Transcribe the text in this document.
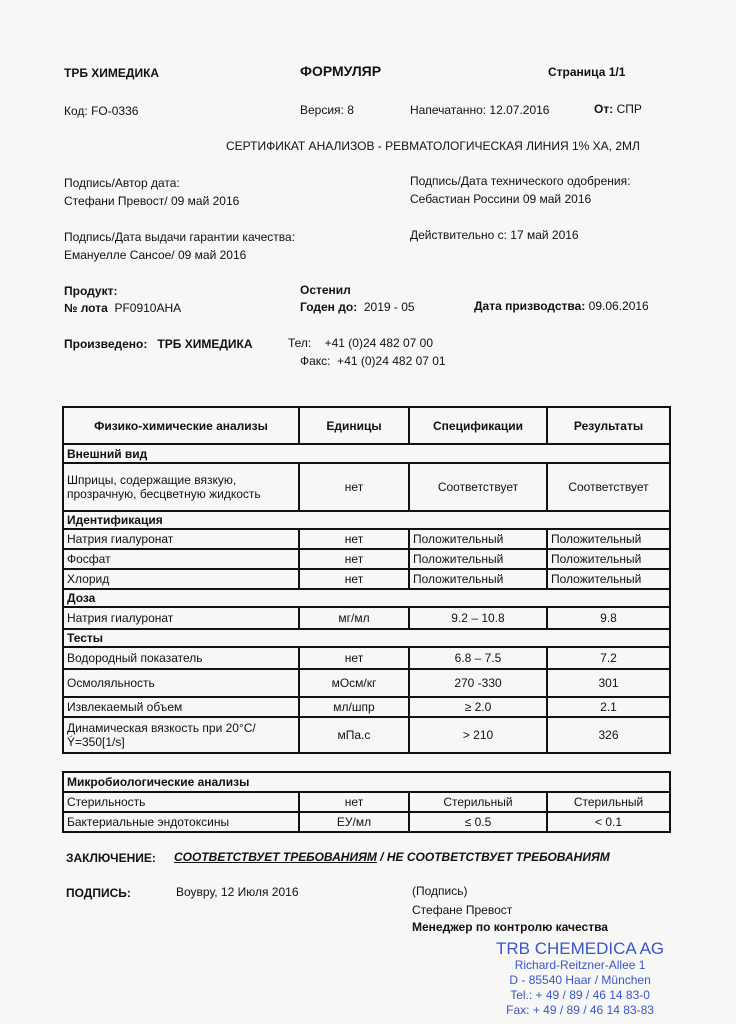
ТРБ ХИМЕДИКА	ФОРМУЛЯР	Страница 1/1
Код: FO-0336	Версия: 8	Напечатанно: 12.07.2016	От: СПР
СЕРТИФИКАТ АНАЛИЗОВ - РЕВМАТОЛОГИЧЕСКАЯ ЛИНИЯ 1% ХА, 2МЛ
Подпись/Автор дата:
Стефани Превост/ 09 май 2016
Подпись/Дата технического одобрения:
Себастиан Россини 09 май 2016
Подпись/Дата выдачи гарантии качества:
Емануелле Сансое/ 09 май 2016
Действительно с: 17 май 2016
Продукт:	Остенил
№ лота PF0910AHA	Годен до: 2019 - 05	Дата призводства: 09.06.2016
Произведено: ТРБ ХИМЕДИКА	Тел:    +41 (0)24 482 07 00
Факс:  +41 (0)24 482 07 01
Физико-химические анализы	Единицы	Спецификации	Результаты
Внешний вид			
Шприцы, содержащие вязкую, прозрачную, бесцветную жидкость	нет	Соответствует	Соответствует
Идентификация			
Натрия гиалуронат	нет	Положительный	Положительный
Фосфат	нет	Положительный	Положительный
Хлорид	нет	Положительный	Положительный
Доза			
Натрия гиалуронат	мг/мл	9.2 – 10.8	9.8
Тесты			
Водородный показатель	нет	6.8 – 7.5	7.2
Осмоляльность	мОсм/кг	270 -330	301
Извлекаемый объем	мл/шпр	≥ 2.0	2.1
Динамическая вязкость при 20°C/ Ý=350[1/s]	мПа.с	> 210	326
Микробиологические анализы			
Стерильность	нет	Стерильный	Стерильный
Бактериальные эндотоксины	ЕУ/мл	≤ 0.5	< 0.1
ЗАКЛЮЧЕНИЕ: СООТВЕТСТВУЕТ ТРЕБОВАНИЯМ / НЕ СООТВЕТСТВУЕТ ТРЕБОВАНИЯМ
ПОДПИСЬ:	Воувру, 12 Июля 2016	(Подпись)
Стефане Превост
Менеджер по контролю качества
TRB CHEMEDICA AG
Richard-Reitzner-Allee 1
D - 85540 Haar / München
Tel.: + 49 / 89 / 46 14 83-0
Fax: + 49 / 89 / 46 14 83-83
